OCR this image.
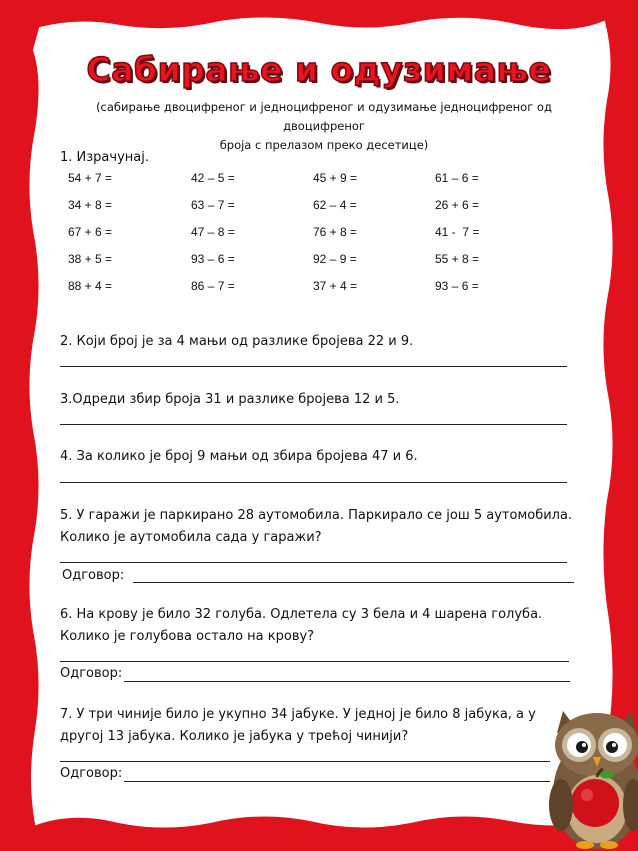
Сабирање и одузимање
(сабирање двоцифреног и једноцифреног и одузимање једноцифреног од двоцифреног
броја с прелазом преко десетице)
1. Израчунај.
54 + 7 =	42 – 5 =	45 + 9 =	61 – 6 =
34 + 8 =	63 – 7 =	62 – 4 =	26 + 6 =
67 + 6 =	47 – 8 =	76 + 8 =	41 -  7 =
38 + 5 =	93 – 6 =	92 – 9 =	55 + 8 =
88 + 4 =	86 – 7 =	37 + 4 =	93 – 6 =
2. Који број је за 4 мањи од разлике бројева 22 и 9.
3.Одреди збир броја 31 и разлике бројева 12 и 5.
4. За колико је број 9 мањи од збира бројева 47 и 6.
5. У гаражи је паркирано 28 аутомобила. Паркирало се још 5 аутомобила.
Колико је аутомобила сада у гаражи?
Одговор:
6. На крову је било 32 голуба. Одлетела су 3 бела и 4 шарена голуба.
Колико је голубова остало на крову?
Одговор:
7. У три чиније било је укупно 34 јабуке. У једној је било 8 јабука, а у
другој 13 јабука. Колико је јабука у трећој чинији?
Одговор:
